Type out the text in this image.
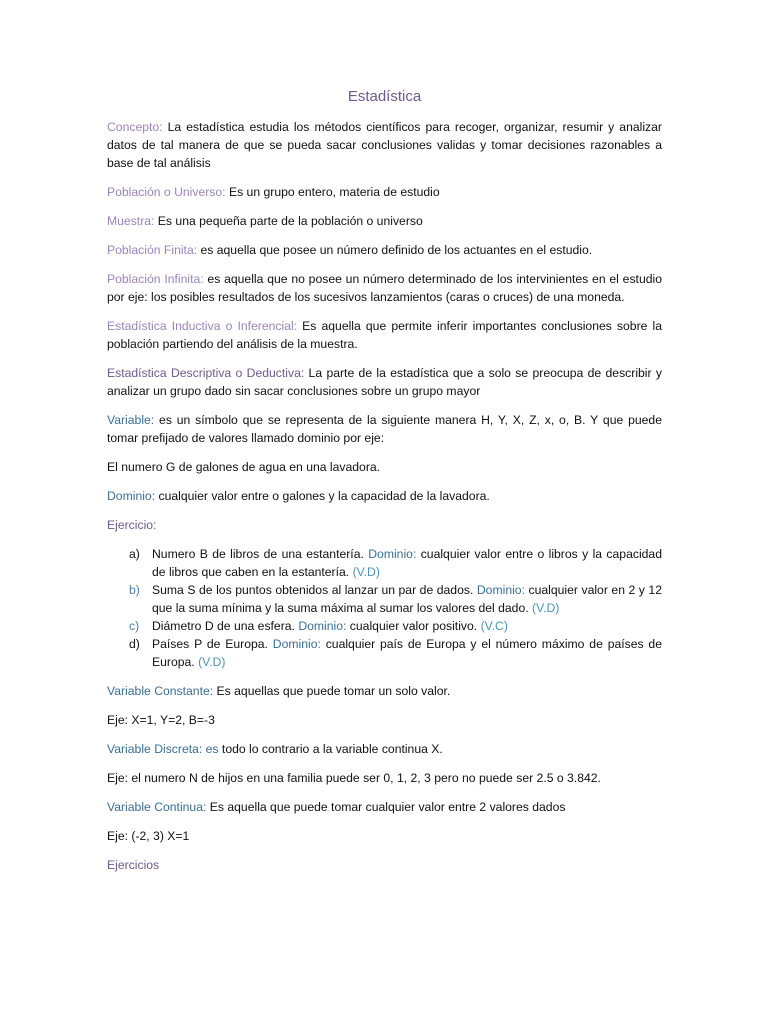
Estadística

Concepto: La estadística estudia los métodos científicos para recoger, organizar, resumir y analizar datos de tal manera de que se pueda sacar conclusiones validas y tomar decisiones razonables a base de tal análisis

Población o Universo: Es un grupo entero, materia de estudio

Muestra: Es una pequeña parte de la población o universo

Población Finita: es aquella que posee un número definido de los actuantes en el estudio.

Población Infinita: es aquella que no posee un número determinado de los intervinientes en el estudio por eje: los posibles resultados de los sucesivos lanzamientos (caras o cruces) de una moneda.

Estadística Inductiva o Inferencial: Es aquella que permite inferir importantes conclusiones sobre la población partiendo del análisis de la muestra.

Estadística Descriptiva o Deductiva: La parte de la estadística que a solo se preocupa de describir y analizar un grupo dado sin sacar conclusiones sobre un grupo mayor

Variable: es un símbolo que se representa de la siguiente manera H, Y, X, Z, x, o, B. Y que puede tomar prefijado de valores llamado dominio por eje:

El numero G de galones de agua en una lavadora.

Dominio: cualquier valor entre o galones y la capacidad de la lavadora.

Ejercicio:

a) Numero B de libros de una estantería. Dominio: cualquier valor entre o libros y la capacidad de libros que caben en la estantería. (V.D)
b) Suma S de los puntos obtenidos al lanzar un par de dados. Dominio: cualquier valor en 2 y 12 que la suma mínima y la suma máxima al sumar los valores del dado. (V.D)
c) Diámetro D de una esfera. Dominio: cualquier valor positivo. (V.C)
d) Países P de Europa. Dominio: cualquier país de Europa y el número máximo de países de Europa. (V.D)

Variable Constante: Es aquellas que puede tomar un solo valor.

Eje: X=1, Y=2, B=-3

Variable Discreta: es todo lo contrario a la variable continua X.

Eje: el numero N de hijos en una familia puede ser 0, 1, 2, 3 pero no puede ser 2.5 o 3.842.

Variable Continua: Es aquella que puede tomar cualquier valor entre 2 valores dados

Eje: (-2, 3) X=1

Ejercicios
